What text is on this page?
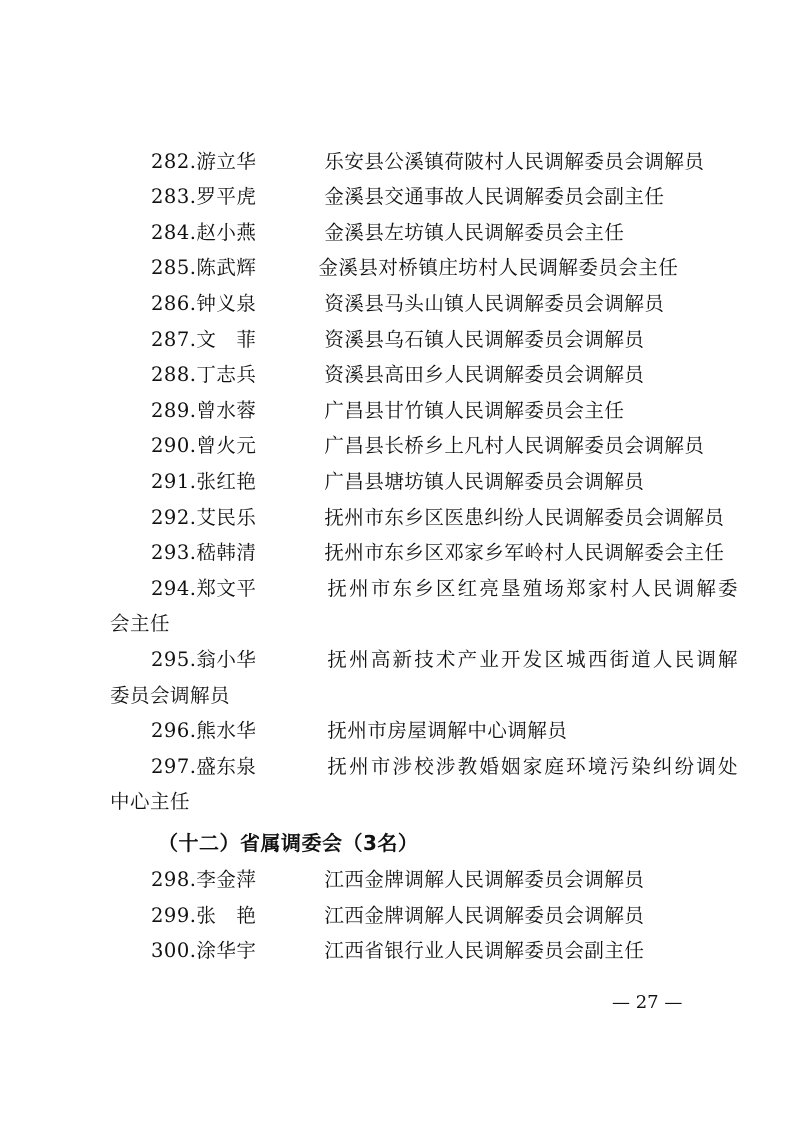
282.游立华	乐安县公溪镇荷陂村人民调解委员会调解员
283.罗平虎	金溪县交通事故人民调解委员会副主任
284.赵小燕	金溪县左坊镇人民调解委员会主任
285.陈武辉	金溪县对桥镇庄坊村人民调解委员会主任
286.钟义泉	资溪县马头山镇人民调解委员会调解员
287.文　菲	资溪县乌石镇人民调解委员会调解员
288.丁志兵	资溪县高田乡人民调解委员会调解员
289.曾水蓉	广昌县甘竹镇人民调解委员会主任
290.曾火元	广昌县长桥乡上凡村人民调解委员会调解员
291.张红艳	广昌县塘坊镇人民调解委员会调解员
292.艾民乐	抚州市东乡区医患纠纷人民调解委员会调解员
293.嵇韩清	抚州市东乡区邓家乡军岭村人民调解委会主任
294.郑文平	抚州市东乡区红亮垦殖场郑家村人民调解委
会主任
295.翁小华	抚州高新技术产业开发区城西街道人民调解
委员会调解员
296.熊水华	抚州市房屋调解中心调解员
297.盛东泉	抚州市涉校涉教婚姻家庭环境污染纠纷调处
中心主任
（十二）省属调委会（3名）
298.李金萍	江西金牌调解人民调解委员会调解员
299.张　艳	江西金牌调解人民调解委员会调解员
300.涂华宇	江西省银行业人民调解委员会副主任
— 27 —
